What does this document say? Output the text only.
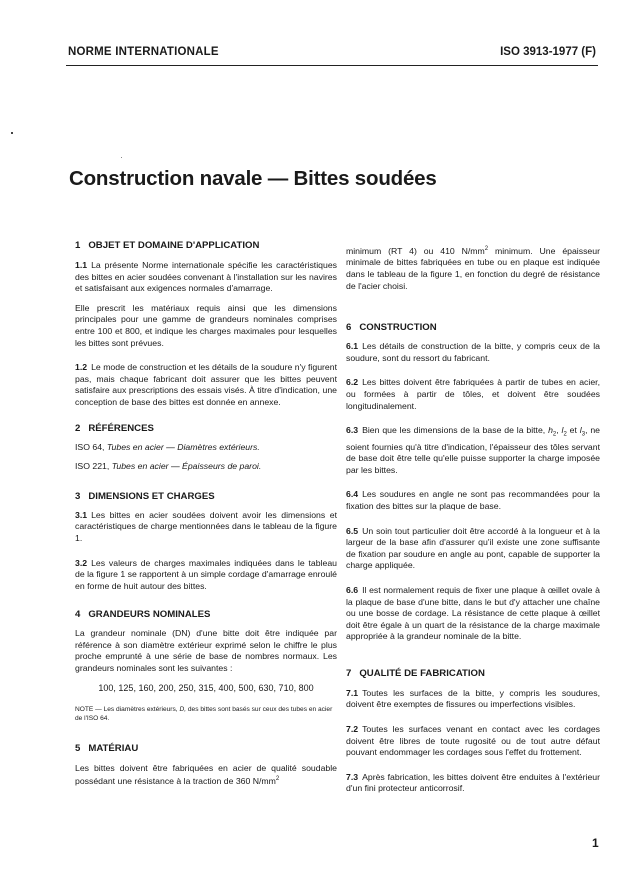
NORME INTERNATIONALE	ISO 3913-1977 (F)
Construction navale — Bittes soudées

1 OBJET ET DOMAINE D'APPLICATION

1.1 La présente Norme internationale spécifie les caractéristiques des bittes en acier soudées convenant à l'installation sur les navires et satisfaisant aux exigences normales d'amarrage.

Elle prescrit les matériaux requis ainsi que les dimensions principales pour une gamme de grandeurs nominales comprises entre 100 et 800, et indique les charges maximales pour lesquelles les bittes sont prévues.

1.2 Le mode de construction et les détails de la soudure n'y figurent pas, mais chaque fabricant doit assurer que les bittes peuvent satisfaire aux prescriptions des essais visés. À titre d'indication, une conception de base des bittes est donnée en annexe.

2 RÉFÉRENCES

ISO 64, Tubes en acier — Diamètres extérieurs.

ISO 221, Tubes en acier — Épaisseurs de paroi.

3 DIMENSIONS ET CHARGES

3.1 Les bittes en acier soudées doivent avoir les dimensions et caractéristiques de charge mentionnées dans le tableau de la figure 1.

3.2 Les valeurs de charges maximales indiquées dans le tableau de la figure 1 se rapportent à un simple cordage d'amarrage enroulé en forme de huit autour des bittes.

4 GRANDEURS NOMINALES

La grandeur nominale (DN) d'une bitte doit être indiquée par référence à son diamètre extérieur exprimé selon le chiffre le plus proche emprunté à une série de base de nombres normaux. Les grandeurs nominales sont les suivantes :

100, 125, 160, 200, 250, 315, 400, 500, 630, 710, 800

NOTE — Les diamètres extérieurs, D, des bittes sont basés sur ceux des tubes en acier de l'ISO 64.

5 MATÉRIAU

Les bittes doivent être fabriquées en acier de qualité soudable possédant une résistance à la traction de 360 $N/mm^2$

minimum (RT 4) ou 410 $N/mm^2$ minimum. Une épaisseur minimale de bittes fabriquées en tube ou en plaque est indiquée dans le tableau de la figure 1, en fonction du degré de résistance de l'acier choisi.

6 CONSTRUCTION

6.1 Les détails de construction de la bitte, y compris ceux de la soudure, sont du ressort du fabricant.

6.2 Les bittes doivent être fabriquées à partir de tubes en acier, ou formées à partir de tôles, et doivent être soudées longitudinalement.

6.3 Bien que les dimensions de la base de la bitte, $h_2$, $l_2$ et $l_3$, ne soient fournies qu'à titre d'indication, l'épaisseur des tôles servant de base doit être telle qu'elle puisse supporter la charge imposée par les bittes.

6.4 Les soudures en angle ne sont pas recommandées pour la fixation des bittes sur la plaque de base.

6.5 Un soin tout particulier doit être accordé à la longueur et à la largeur de la base afin d'assurer qu'il existe une zone suffisante de fixation par soudure en angle au pont, capable de supporter la charge appliquée.

6.6 Il est normalement requis de fixer une plaque à œillet ovale à la plaque de base d'une bitte, dans le but d'y attacher une chaîne ou une bosse de cordage. La résistance de cette plaque à œillet doit être égale à un quart de la résistance de la charge maximale appropriée à la grandeur nominale de la bitte.

7 QUALITÉ DE FABRICATION

7.1 Toutes les surfaces de la bitte, y compris les soudures, doivent être exemptes de fissures ou imperfections visibles.

7.2 Toutes les surfaces venant en contact avec les cordages doivent être libres de toute rugosité ou de tout autre défaut pouvant endommager les cordages sous l'effet du frottement.

7.3 Après fabrication, les bittes doivent être enduites à l'extérieur d'un fini protecteur anticorrosif.

1
